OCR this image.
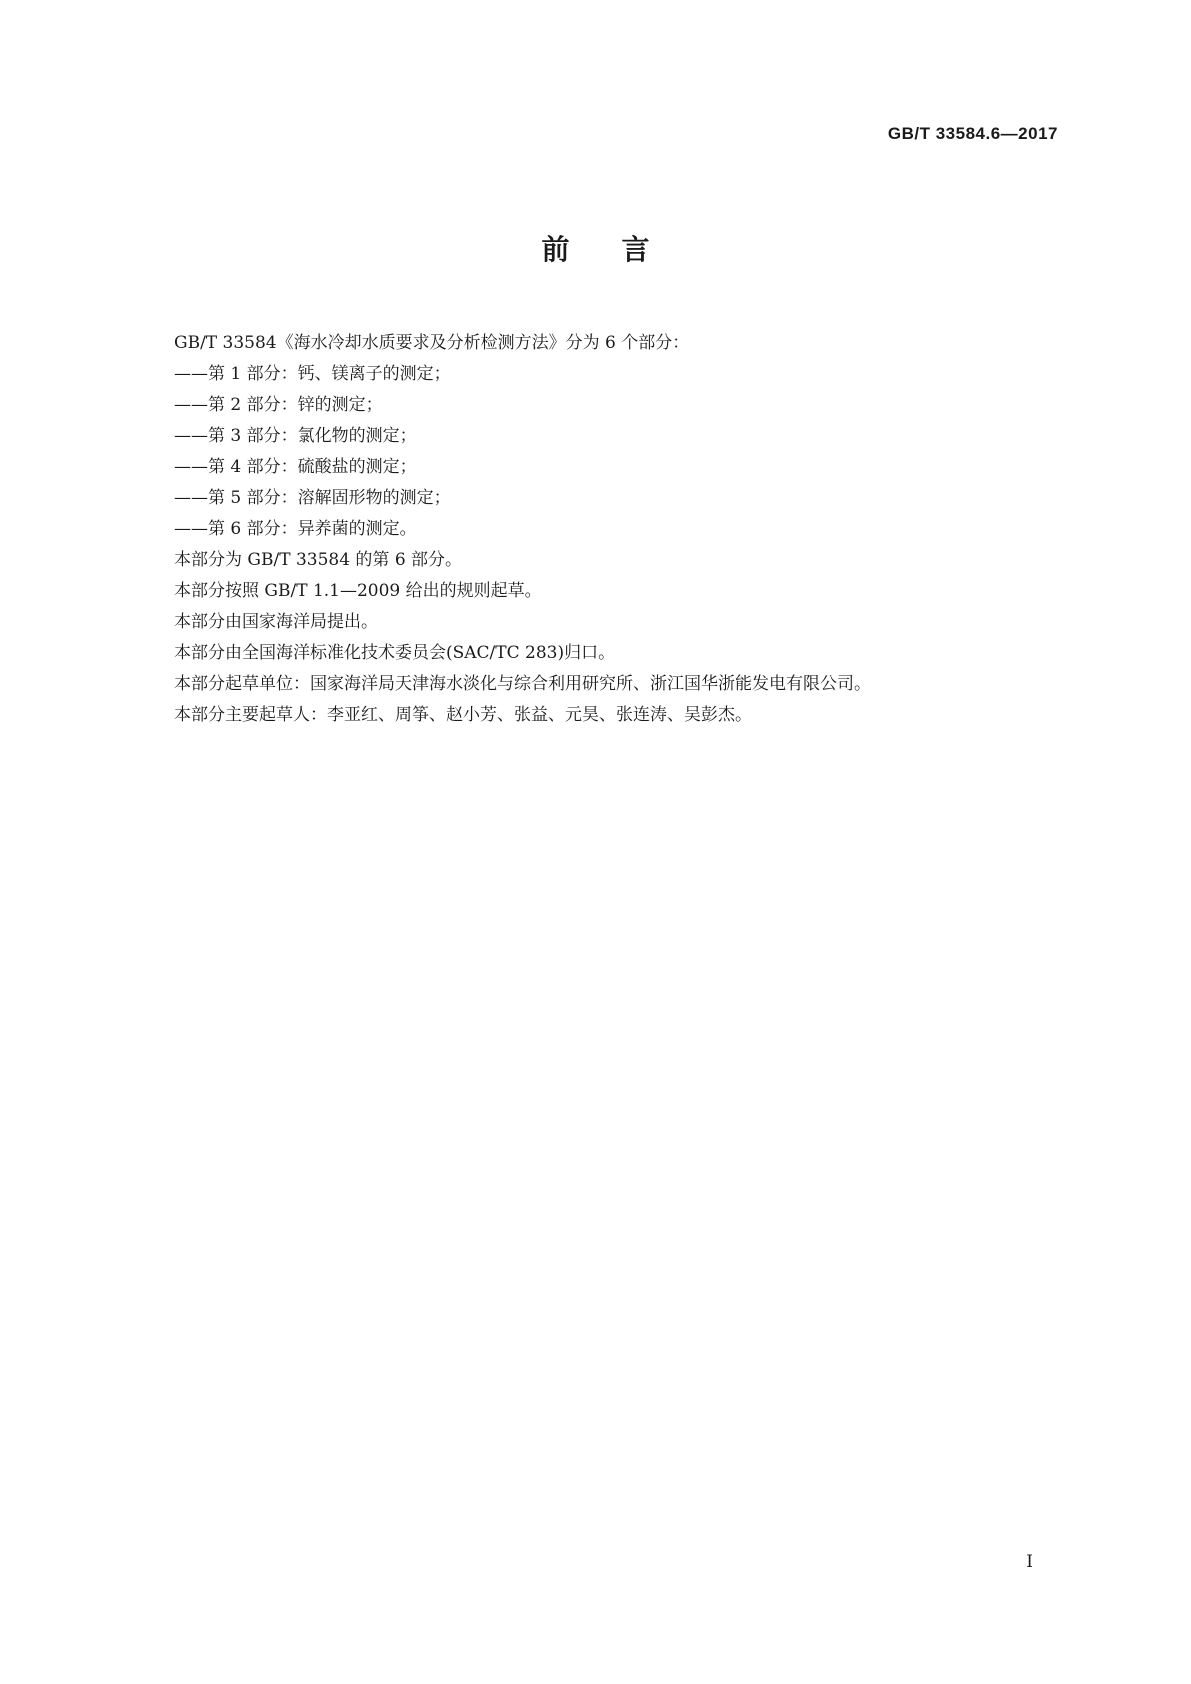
GB/T 33584.6—2017
前言
GB/T 33584《海水冷却水质要求及分析检测方法》分为 6 个部分：
——第 1 部分：钙、镁离子的测定；
——第 2 部分：锌的测定；
——第 3 部分：氯化物的测定；
——第 4 部分：硫酸盐的测定；
——第 5 部分：溶解固形物的测定；
——第 6 部分：异养菌的测定。
本部分为 GB/T 33584 的第 6 部分。
本部分按照 GB/T 1.1—2009 给出的规则起草。
本部分由国家海洋局提出。
本部分由全国海洋标准化技术委员会(SAC/TC 283)归口。
本部分起草单位：国家海洋局天津海水淡化与综合利用研究所、浙江国华浙能发电有限公司。
本部分主要起草人：李亚红、周筝、赵小芳、张益、元昊、张连涛、吴彭杰。
I
